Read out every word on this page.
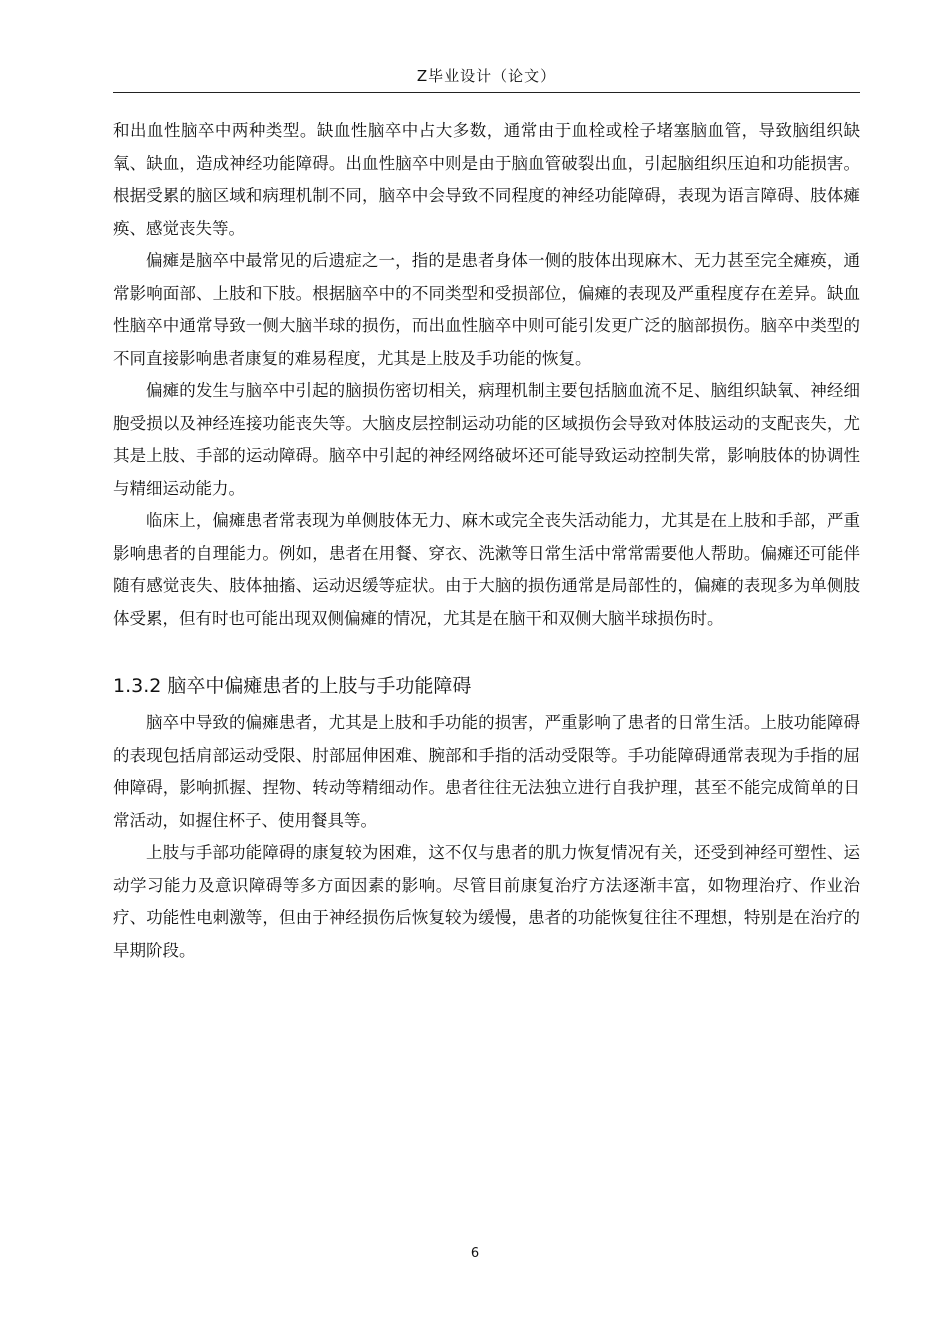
Z毕业设计（论文）

和出血性脑卒中两种类型。缺血性脑卒中占大多数，通常由于血栓或栓子堵塞脑血管，导致脑组织缺氧、缺血，造成神经功能障碍。出血性脑卒中则是由于脑血管破裂出血，引起脑组织压迫和功能损害。根据受累的脑区域和病理机制不同，脑卒中会导致不同程度的神经功能障碍，表现为语言障碍、肢体瘫痪、感觉丧失等。

偏瘫是脑卒中最常见的后遗症之一，指的是患者身体一侧的肢体出现麻木、无力甚至完全瘫痪，通常影响面部、上肢和下肢。根据脑卒中的不同类型和受损部位，偏瘫的表现及严重程度存在差异。缺血性脑卒中通常导致一侧大脑半球的损伤，而出血性脑卒中则可能引发更广泛的脑部损伤。脑卒中类型的不同直接影响患者康复的难易程度，尤其是上肢及手功能的恢复。

偏瘫的发生与脑卒中引起的脑损伤密切相关，病理机制主要包括脑血流不足、脑组织缺氧、神经细胞受损以及神经连接功能丧失等。大脑皮层控制运动功能的区域损伤会导致对体肢运动的支配丧失，尤其是上肢、手部的运动障碍。脑卒中引起的神经网络破坏还可能导致运动控制失常，影响肢体的协调性与精细运动能力。

临床上，偏瘫患者常表现为单侧肢体无力、麻木或完全丧失活动能力，尤其是在上肢和手部，严重影响患者的自理能力。例如，患者在用餐、穿衣、洗漱等日常生活中常常需要他人帮助。偏瘫还可能伴随有感觉丧失、肢体抽搐、运动迟缓等症状。由于大脑的损伤通常是局部性的，偏瘫的表现多为单侧肢体受累，但有时也可能出现双侧偏瘫的情况，尤其是在脑干和双侧大脑半球损伤时。

1.3.2 脑卒中偏瘫患者的上肢与手功能障碍

脑卒中导致的偏瘫患者，尤其是上肢和手功能的损害，严重影响了患者的日常生活。上肢功能障碍的表现包括肩部运动受限、肘部屈伸困难、腕部和手指的活动受限等。手功能障碍通常表现为手指的屈伸障碍，影响抓握、捏物、转动等精细动作。患者往往无法独立进行自我护理，甚至不能完成简单的日常活动，如握住杯子、使用餐具等。

上肢与手部功能障碍的康复较为困难，这不仅与患者的肌力恢复情况有关，还受到神经可塑性、运动学习能力及意识障碍等多方面因素的影响。尽管目前康复治疗方法逐渐丰富，如物理治疗、作业治疗、功能性电刺激等，但由于神经损伤后恢复较为缓慢，患者的功能恢复往往不理想，特别是在治疗的早期阶段。

6
